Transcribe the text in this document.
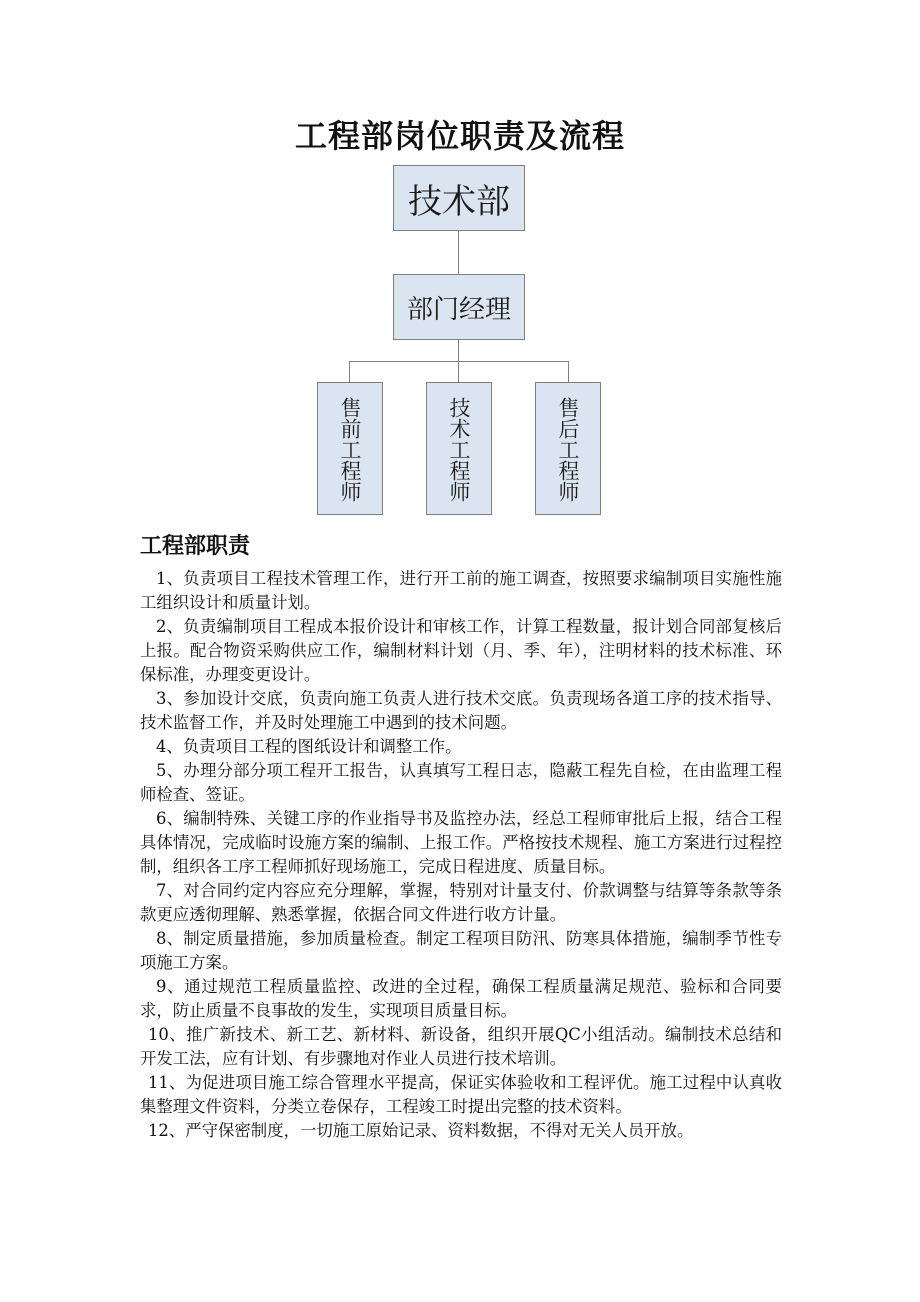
工程部岗位职责及流程
技术部
部门经理
售前工程师	技术工程师	售后工程师
工程部职责
1、负责项目工程技术管理工作，进行开工前的施工调查，按照要求编制项目实施性施工组织设计和质量计划。
2、负责编制项目工程成本报价设计和审核工作，计算工程数量，报计划合同部复核后上报。配合物资采购供应工作，编制材料计划（月、季、年），注明材料的技术标准、环保标准，办理变更设计。
3、参加设计交底，负责向施工负责人进行技术交底。负责现场各道工序的技术指导、技术监督工作，并及时处理施工中遇到的技术问题。
4、负责项目工程的图纸设计和调整工作。
5、办理分部分项工程开工报告，认真填写工程日志，隐蔽工程先自检，在由监理工程师检查、签证。
6、编制特殊、关键工序的作业指导书及监控办法，经总工程师审批后上报，结合工程具体情况，完成临时设施方案的编制、上报工作。严格按技术规程、施工方案进行过程控制，组织各工序工程师抓好现场施工，完成日程进度、质量目标。
7、对合同约定内容应充分理解，掌握，特别对计量支付、价款调整与结算等条款等条款更应透彻理解、熟悉掌握，依据合同文件进行收方计量。
8、制定质量措施，参加质量检查。制定工程项目防汛、防寒具体措施，编制季节性专项施工方案。
9、通过规范工程质量监控、改进的全过程，确保工程质量满足规范、验标和合同要求，防止质量不良事故的发生，实现项目质量目标。
10、推广新技术、新工艺、新材料、新设备，组织开展QC小组活动。编制技术总结和开发工法，应有计划、有步骤地对作业人员进行技术培训。
11、为促进项目施工综合管理水平提高，保证实体验收和工程评优。施工过程中认真收集整理文件资料，分类立卷保存，工程竣工时提出完整的技术资料。
12、严守保密制度，一切施工原始记录、资料数据，不得对无关人员开放。
